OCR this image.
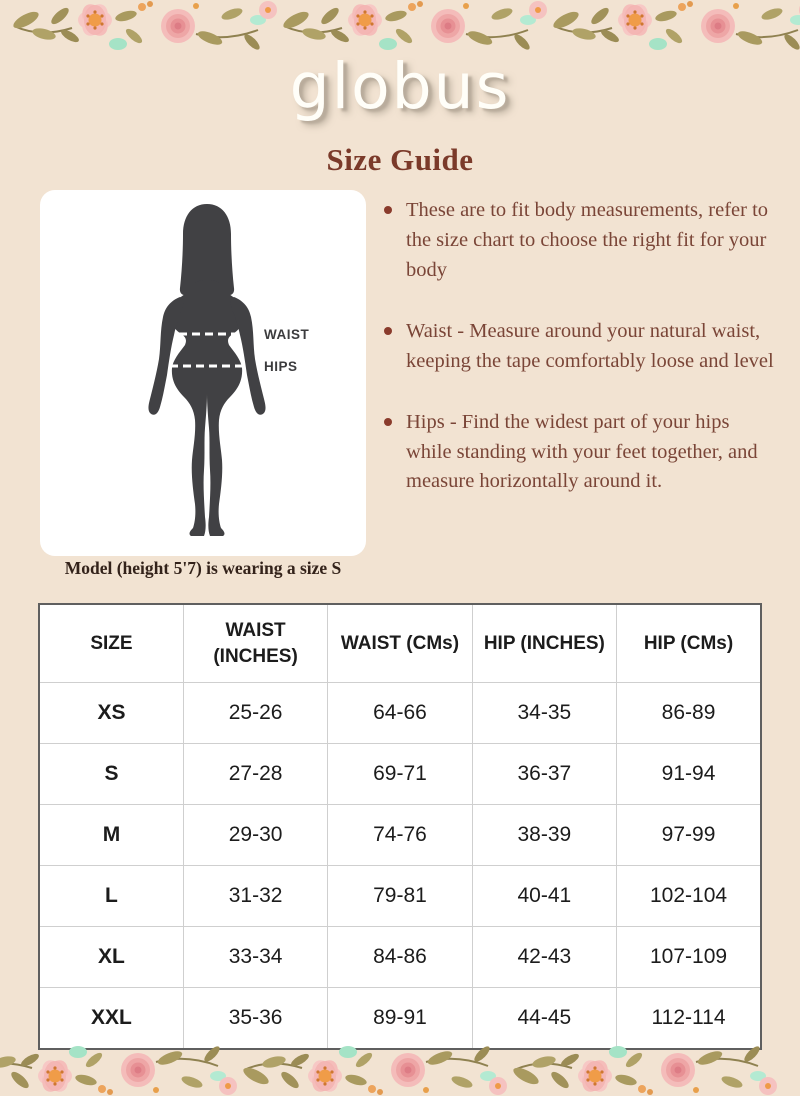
globus
Size Guide
WAIST
HIPS
Model (height 5'7) is wearing a size S

These are to fit body measurements, refer to the size chart to choose the right fit for your body

Waist - Measure around your natural waist, keeping the tape comfortably loose and level

Hips - Find the widest part of your hips while standing with your feet together, and measure horizontally around it.

SIZE	WAIST (INCHES)	WAIST (CMs)	HIP (INCHES)	HIP (CMs)
XS	25-26	64-66	34-35	86-89
S	27-28	69-71	36-37	91-94
M	29-30	74-76	38-39	97-99
L	31-32	79-81	40-41	102-104
XL	33-34	84-86	42-43	107-109
XXL	35-36	89-91	44-45	112-114
